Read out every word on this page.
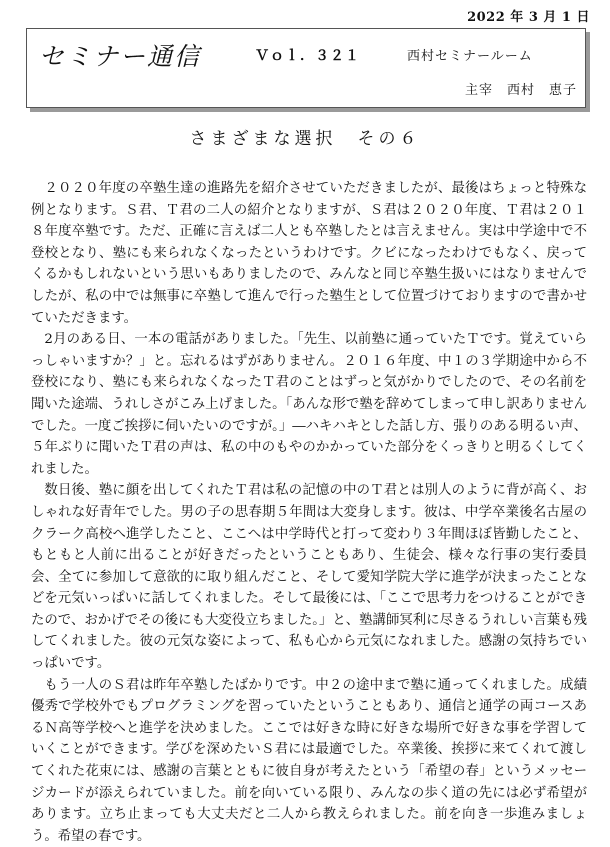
2022 年 3 月 1 日
セミナー通信	Ｖｏｌ．３２１	西村セミナールーム
主宰　西村　恵子
さまざまな選択　その６

２０２０年度の卒塾生達の進路先を紹介させていただきましたが、最後はちょっと特殊な例となります。Ｓ君、Ｔ君の二人の紹介となりますが、Ｓ君は２０２０年度、Ｔ君は２０１８年度卒塾です。ただ、正確に言えば二人とも卒塾したとは言えません。実は中学途中で不登校となり、塾にも来られなくなったというわけです。クビになったわけでもなく、戻ってくるかもしれないという思いもありましたので、みんなと同じ卒塾生扱いにはなりませんでしたが、私の中では無事に卒塾して進んで行った塾生として位置づけておりますので書かせていただきます。

2月のある日、一本の電話がありました。「先生、以前塾に通っていたＴです。覚えていらっしゃいますか？」と。忘れるはずがありません。２０１６年度、中１の３学期途中から不登校になり、塾にも来られなくなったＴ君のことはずっと気がかりでしたので、その名前を聞いた途端、うれしさがこみ上げました。「あんな形で塾を辞めてしまって申し訳ありませんでした。一度ご挨拶に伺いたいのですが。」―ハキハキとした話し方、張りのある明るい声、５年ぶりに聞いたＴ君の声は、私の中のもやのかかっていた部分をくっきりと明るくしてくれました。

数日後、塾に顔を出してくれたＴ君は私の記憶の中のＴ君とは別人のように背が高く、おしゃれな好青年でした。男の子の思春期５年間は大変身します。彼は、中学卒業後名古屋のクラーク高校へ進学したこと、ここへは中学時代と打って変わり３年間ほぼ皆勤したこと、もともと人前に出ることが好きだったということもあり、生徒会、様々な行事の実行委員会、全てに参加して意欲的に取り組んだこと、そして愛知学院大学に進学が決まったことなどを元気いっぱいに話してくれました。そして最後には、「ここで思考力をつけることができたので、おかげでその後にも大変役立ちました。」と、塾講師冥利に尽きるうれしい言葉も残してくれました。彼の元気な姿によって、私も心から元気になれました。感謝の気持ちでいっぱいです。

もう一人のＳ君は昨年卒塾したばかりです。中２の途中まで塾に通ってくれました。成績優秀で学校外でもプログラミングを習っていたということもあり、通信と通学の両コースあるＮ高等学校へと進学を決めました。ここでは好きな時に好きな場所で好きな事を学習していくことができます。学びを深めたいＳ君には最適でした。卒業後、挨拶に来てくれて渡してくれた花束には、感謝の言葉とともに彼自身が考えたという「希望の春」というメッセージカードが添えられていました。前を向いている限り、みんなの歩く道の先には必ず希望があります。立ち止まっても大丈夫だと二人から教えられました。前を向き一歩進みましょう。希望の春です。
